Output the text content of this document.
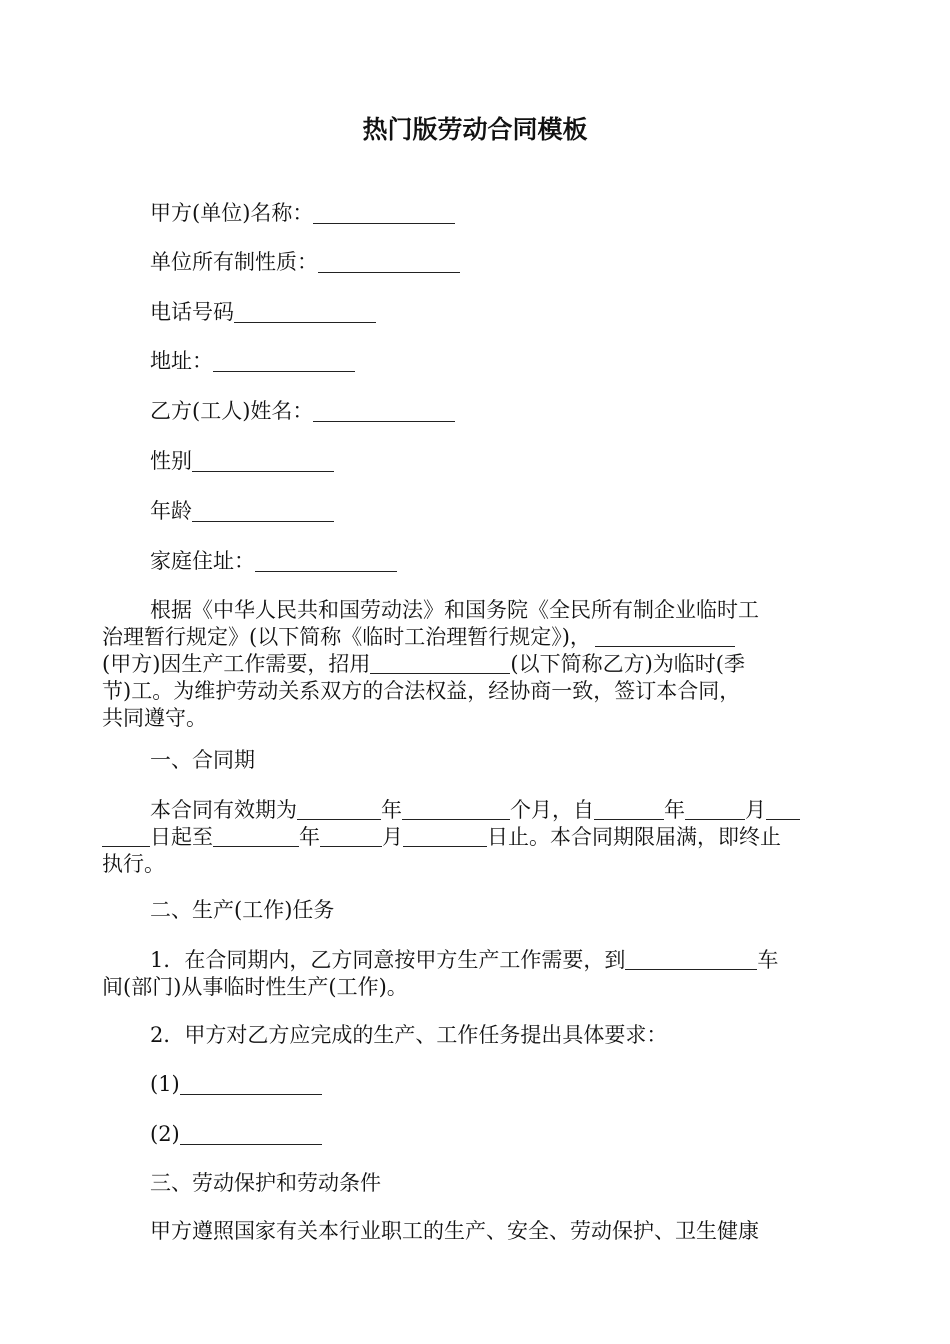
热门版劳动合同模板

甲方(单位)名称：

单位所有制性质：

电话号码

地址：

乙方(工人)姓名：

性别

年龄

家庭住址：

根据《中华人民共和国劳动法》和国务院《全民所有制企业临时工

治理暂行规定》(以下简称《临时工治理暂行规定》)，

(甲方)因生产工作需要，招用	(以下简称乙方)为临时(季

节)工。为维护劳动关系双方的合法权益，经协商一致，签订本合同，

共同遵守。

一、合同期

本合同有效期为	年	个月，自	年	月

日起至	年	月	日止。本合同期限届满，即终止

执行。

二、生产(工作)任务

1．在合同期内，乙方同意按甲方生产工作需要，到	车

间(部门)从事临时性生产(工作)。

2．甲方对乙方应完成的生产、工作任务提出具体要求：

(1)

(2)

三、劳动保护和劳动条件

甲方遵照国家有关本行业职工的生产、安全、劳动保护、卫生健康
